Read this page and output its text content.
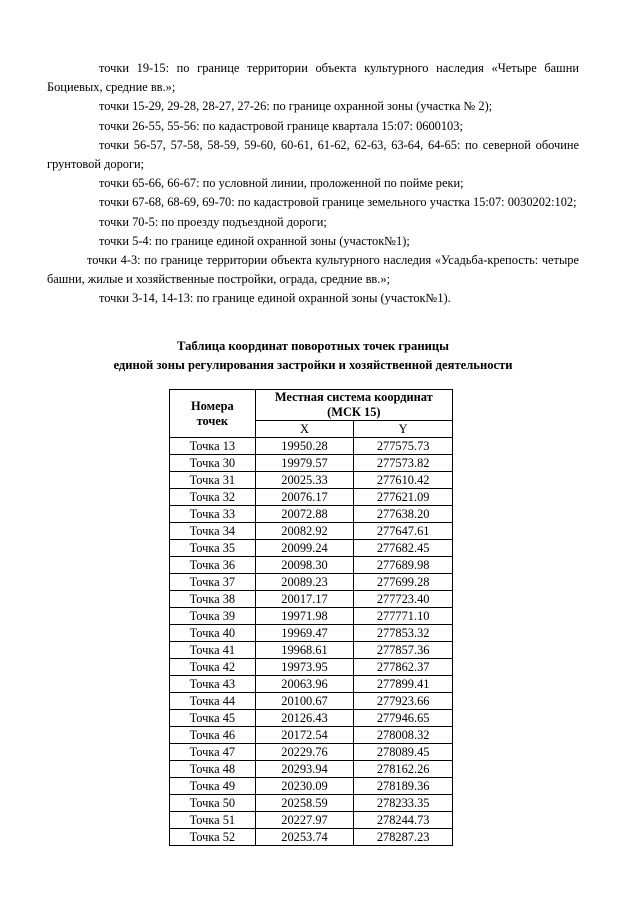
точки 19-15: по границе территории объекта культурного наследия «Четыре башни Боциевых, средние вв.»;

точки 15-29, 29-28, 28-27, 27-26: по границе охранной зоны (участка № 2);

точки 26-55, 55-56: по кадастровой границе квартала 15:07: 0600103;

точки 56-57, 57-58, 58-59, 59-60, 60-61, 61-62, 62-63, 63-64, 64-65: по северной обочине грунтовой дороги;

точки 65-66, 66-67: по условной линии, проложенной по пойме реки;

точки 67-68, 68-69, 69-70: по кадастровой границе земельного участка 15:07: 0030202:102;

точки 70-5: по проезду подъездной дороги;

точки 5-4: по границе единой охранной зоны (участок№1);

точки 4-3: по границе территории объекта культурного наследия «Усадьба-крепость: четыре башни, жилые и хозяйственные постройки, ограда, средние вв.»;

точки 3-14, 14-13: по границе единой охранной зоны (участок№1).

Таблица координат поворотных точек границы
единой зоны регулирования застройки и хозяйственной деятельности
Номера точек	Местная система координат (МСК 15)	
	X	Y
Точка 13	19950.28	277575.73
Точка 30	19979.57	277573.82
Точка 31	20025.33	277610.42
Точка 32	20076.17	277621.09
Точка 33	20072.88	277638.20
Точка 34	20082.92	277647.61
Точка 35	20099.24	277682.45
Точка 36	20098.30	277689.98
Точка 37	20089.23	277699.28
Точка 38	20017.17	277723.40
Точка 39	19971.98	277771.10
Точка 40	19969.47	277853.32
Точка 41	19968.61	277857.36
Точка 42	19973.95	277862.37
Точка 43	20063.96	277899.41
Точка 44	20100.67	277923.66
Точка 45	20126.43	277946.65
Точка 46	20172.54	278008.32
Точка 47	20229.76	278089.45
Точка 48	20293.94	278162.26
Точка 49	20230.09	278189.36
Точка 50	20258.59	278233.35
Точка 51	20227.97	278244.73
Точка 52	20253.74	278287.23
